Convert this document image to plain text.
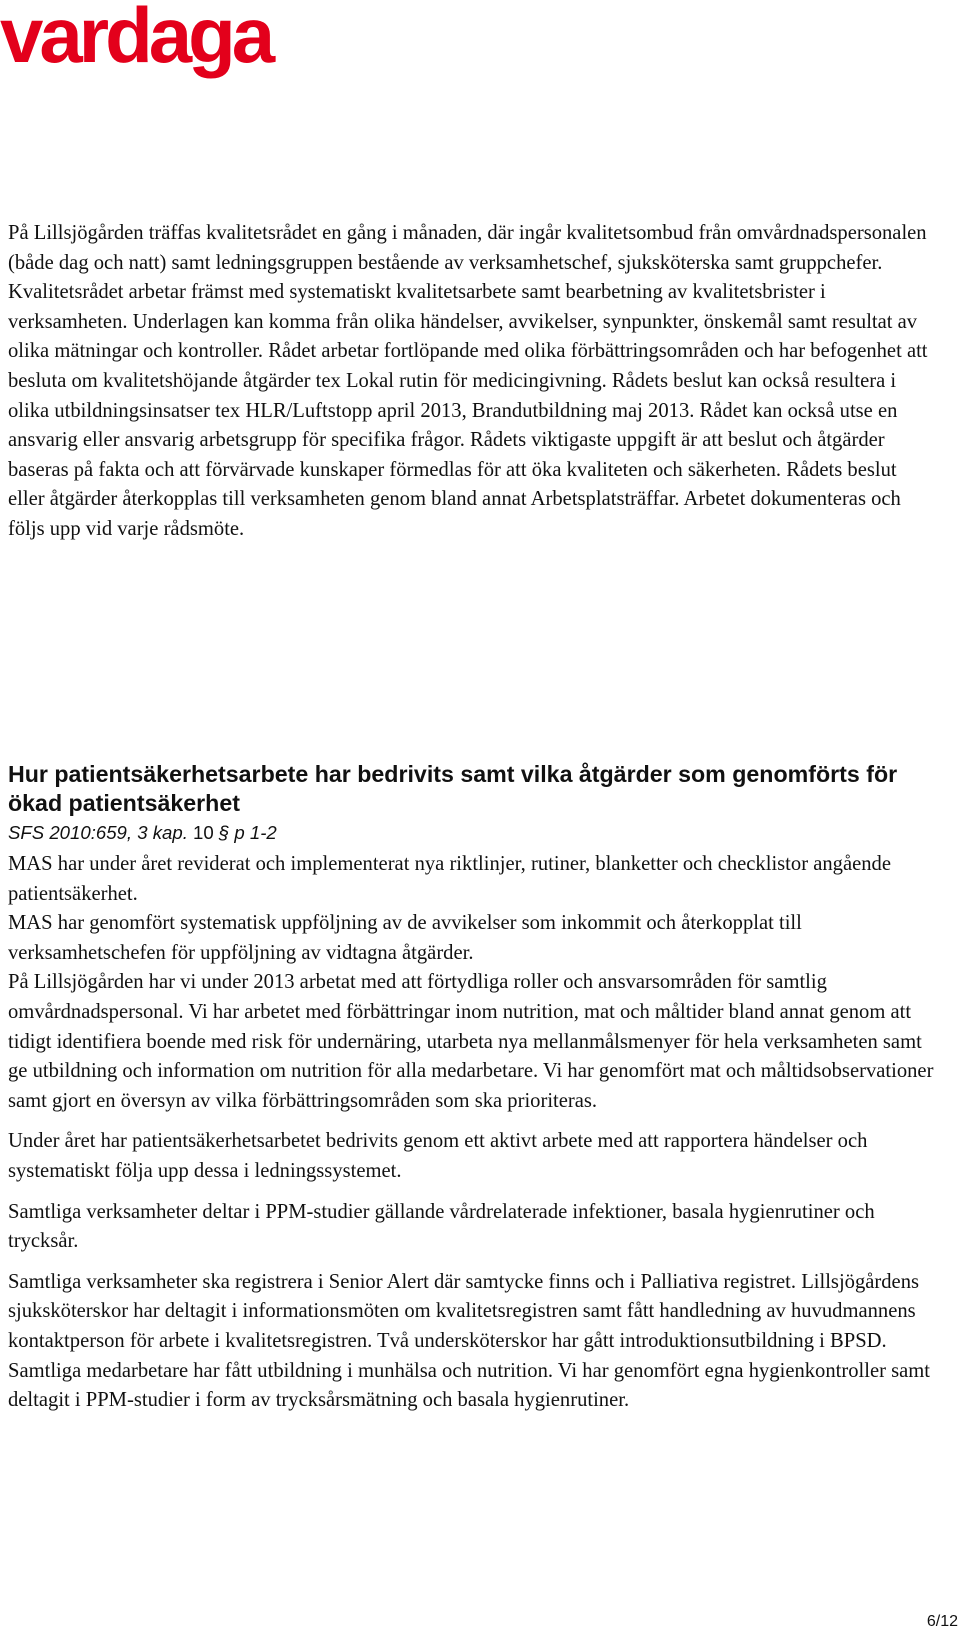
vardaga

På Lillsjögården träffas kvalitetsrådet en gång i månaden, där ingår kvalitetsombud från omvårdnadspersonalen (både dag och natt) samt ledningsgruppen bestående av verksamhetschef, sjuksköterska samt gruppchefer. Kvalitetsrådet arbetar främst med systematiskt kvalitetsarbete samt bearbetning av kvalitetsbrister i verksamheten. Underlagen kan komma från olika händelser, avvikelser, synpunkter, önskemål samt resultat av olika mätningar och kontroller. Rådet arbetar fortlöpande med olika förbättringsområden och har befogenhet att besluta om kvalitetshöjande åtgärder tex Lokal rutin för medicingivning. Rådets beslut kan också resultera i olika utbildningsinsatser tex HLR/Luftstopp april 2013, Brandutbildning maj 2013. Rådet kan också utse en ansvarig eller ansvarig arbetsgrupp för specifika frågor. Rådets viktigaste uppgift är att beslut och åtgärder baseras på fakta och att förvärvade kunskaper förmedlas för att öka kvaliteten och säkerheten. Rådets beslut eller åtgärder återkopplas till verksamheten genom bland annat Arbetsplatsträffar. Arbetet dokumenteras och följs upp vid varje rådsmöte.

Hur patientsäkerhetsarbete har bedrivits samt vilka åtgärder som genomförts för ökad patientsäkerhet
SFS 2010:659, 3 kap. 10 § p 1-2

MAS har under året reviderat och implementerat nya riktlinjer, rutiner, blanketter och checklistor angående patientsäkerhet.

MAS har genomfört systematisk uppföljning av de avvikelser som inkommit och återkopplat till verksamhetschefen för uppföljning av vidtagna åtgärder.

På Lillsjögården har vi under 2013 arbetat med att förtydliga roller och ansvarsområden för samtlig omvårdnadspersonal. Vi har arbetet med förbättringar inom nutrition, mat och måltider bland annat genom att tidigt identifiera boende med risk för undernäring, utarbeta nya mellanmålsmenyer för hela verksamheten samt ge utbildning och information om nutrition för alla medarbetare. Vi har genomfört mat och måltidsobservationer samt gjort en översyn av vilka förbättringsområden som ska prioriteras.

Under året har patientsäkerhetsarbetet bedrivits genom ett aktivt arbete med att rapportera händelser och systematiskt följa upp dessa i ledningssystemet.

Samtliga verksamheter deltar i PPM-studier gällande vårdrelaterade infektioner, basala hygienrutiner och trycksår.

Samtliga verksamheter ska registrera i Senior Alert där samtycke finns och i Palliativa registret. Lillsjögårdens sjuksköterskor har deltagit i informationsmöten om kvalitetsregistren samt fått handledning av huvudmannens kontaktperson för arbete i kvalitetsregistren. Två undersköterskor har gått introduktionsutbildning i BPSD. Samtliga medarbetare har fått utbildning i munhälsa och nutrition. Vi har genomfört egna hygienkontroller samt deltagit i PPM-studier i form av trycksårsmätning och basala hygienrutiner.

6/12
